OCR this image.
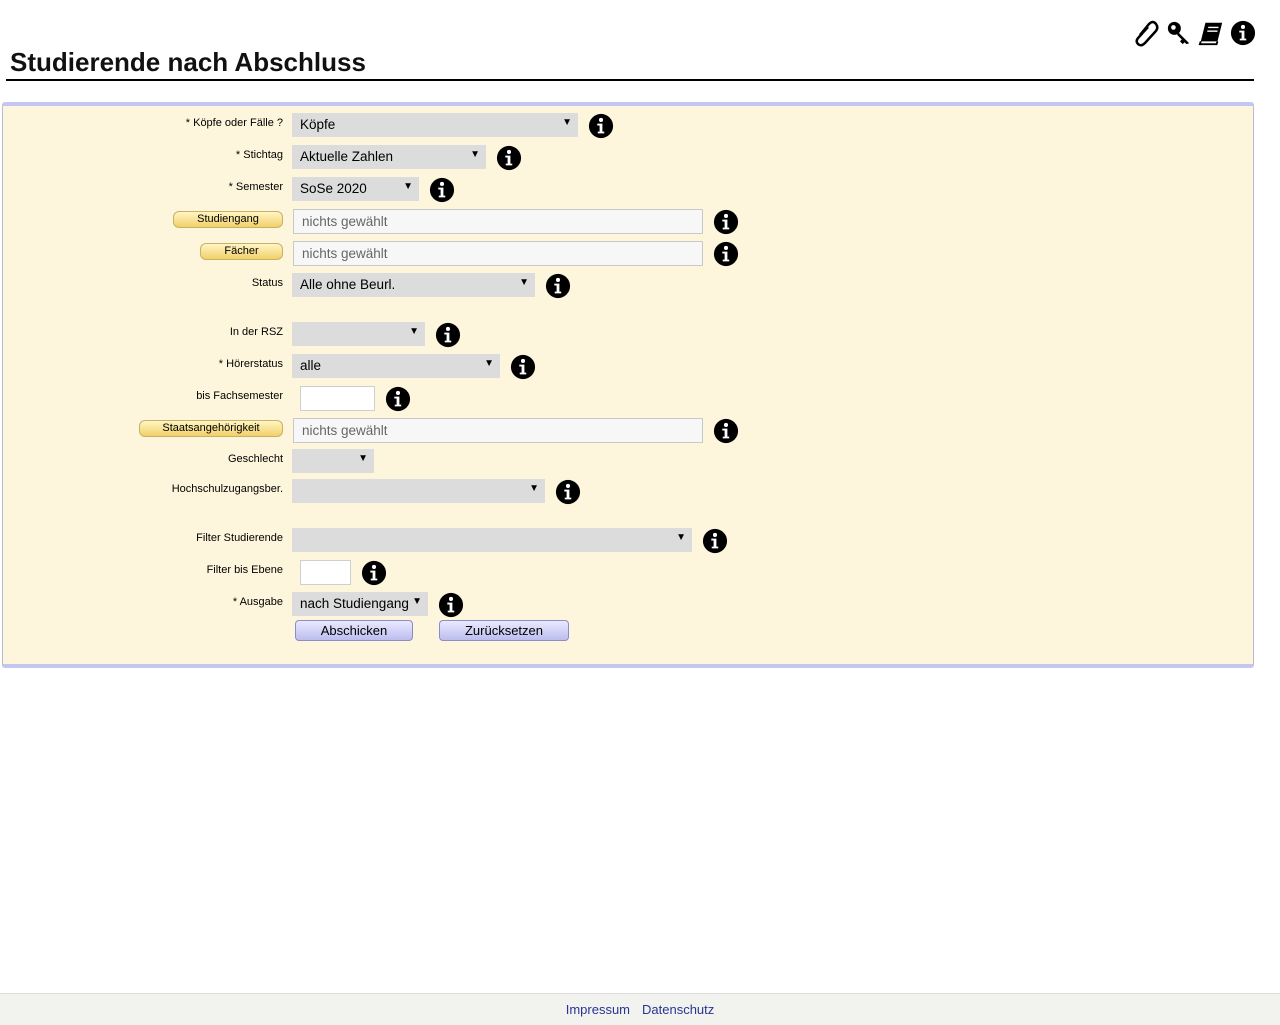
Studierende nach Abschluss
* Köpfe oder Fälle ?	Köpfe	▼
* Stichtag	Aktuelle Zahlen	▼
* Semester	SoSe 2020	▼
Studiengang	nichts gewählt
Fächer	nichts gewählt
Status	Alle ohne Beurl.	▼
In der RSZ	▼
* Hörerstatus	alle	▼
bis Fachsemester
Staatsangehörigkeit	nichts gewählt
Geschlecht	▼
Hochschulzugangsber.	▼
Filter Studierende	▼
Filter bis Ebene
* Ausgabe	nach Studiengang ▼
Abschicken	Zurücksetzen
Impressum Datenschutz
